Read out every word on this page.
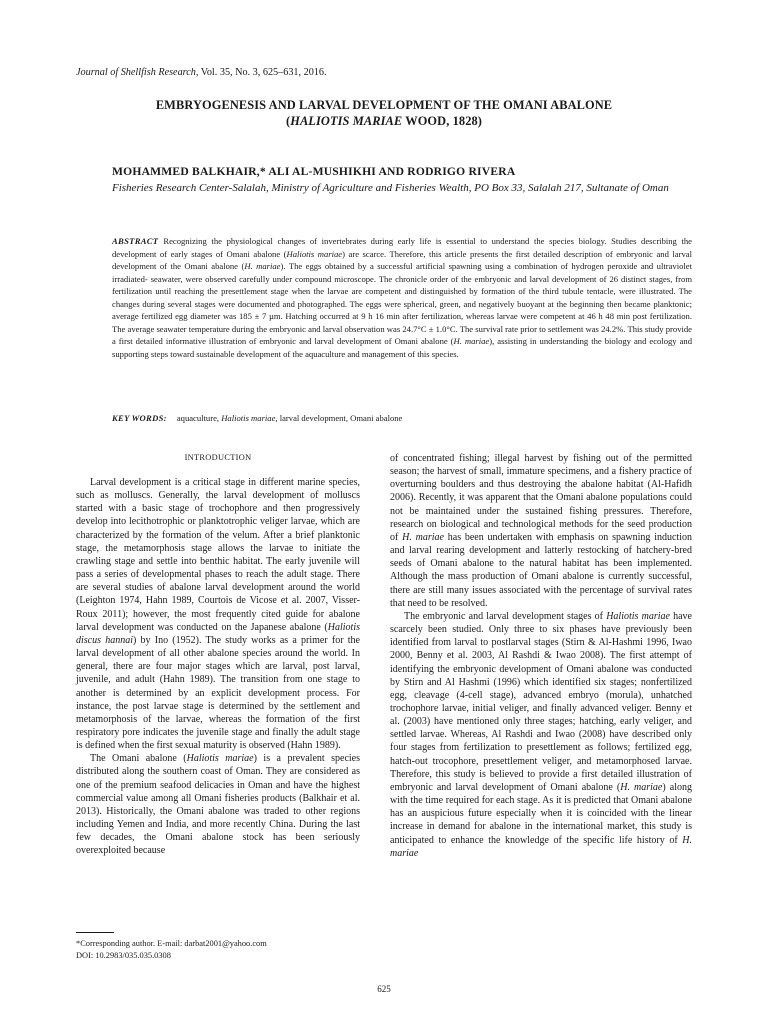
Journal of Shellfish Research, Vol. 35, No. 3, 625–631, 2016.
EMBRYOGENESIS AND LARVAL DEVELOPMENT OF THE OMANI ABALONE
(HALIOTIS MARIAE WOOD, 1828)
MOHAMMED BALKHAIR,* ALI AL-MUSHIKHI AND RODRIGO RIVERA
Fisheries Research Center-Salalah, Ministry of Agriculture and Fisheries Wealth, PO Box 33, Salalah 217, Sultanate of Oman
ABSTRACT Recognizing the physiological changes of invertebrates during early life is essential to understand the species biology. Studies describing the development of early stages of Omani abalone (Haliotis mariae) are scarce. Therefore, this article presents the first detailed description of embryonic and larval development of the Omani abalone (H. mariae). The eggs obtained by a successful artificial spawning using a combination of hydrogen peroxide and ultraviolet irradiated- seawater, were observed carefully under compound microscope. The chronicle order of the embryonic and larval development of 26 distinct stages, from fertilization until reaching the presettlement stage when the larvae are competent and distinguished by formation of the third tubule tentacle, were illustrated. The changes during several stages were documented and photographed. The eggs were spherical, green, and negatively buoyant at the beginning then became planktonic; average fertilized egg diameter was 185 ± 7 µm. Hatching occurred at 9 h 16 min after fertilization, whereas larvae were competent at 46 h 48 min post fertilization. The average seawater temperature during the embryonic and larval observation was 24.7°C ± 1.0°C. The survival rate prior to settlement was 24.2%. This study provide a first detailed informative illustration of embryonic and larval development of Omani abalone (H. mariae), assisting in understanding the biology and ecology and supporting steps toward sustainable development of the aquaculture and management of this species.
KEY WORDS: aquaculture, Haliotis mariae, larval development, Omani abalone
INTRODUCTION

Larval development is a critical stage in different marine species, such as molluscs. Generally, the larval development of molluscs started with a basic stage of trochophore and then progressively develop into lecithotrophic or planktotrophic veliger larvae, which are characterized by the formation of the velum. After a brief planktonic stage, the metamorphosis stage allows the larvae to initiate the crawling stage and settle into benthic habitat. The early juvenile will pass a series of developmental phases to reach the adult stage. There are several studies of abalone larval development around the world (Leighton 1974, Hahn 1989, Courtois de Vicose et al. 2007, Visser-Roux 2011); however, the most frequently cited guide for abalone larval development was conducted on the Japanese abalone (Haliotis discus hannai) by Ino (1952). The study works as a primer for the larval development of all other abalone species around the world. In general, there are four major stages which are larval, post larval, juvenile, and adult (Hahn 1989). The transition from one stage to another is determined by an explicit development process. For instance, the post larvae stage is determined by the settlement and metamorphosis of the larvae, whereas the formation of the first respiratory pore indicates the juvenile stage and finally the adult stage is defined when the first sexual maturity is observed (Hahn 1989).

The Omani abalone (Haliotis mariae) is a prevalent species distributed along the southern coast of Oman. They are considered as one of the premium seafood delicacies in Oman and have the highest commercial value among all Omani fisheries products (Balkhair et al. 2013). Historically, the Omani abalone was traded to other regions including Yemen and India, and more recently China. During the last few decades, the Omani abalone stock has been seriously overexploited because

of concentrated fishing; illegal harvest by fishing out of the permitted season; the harvest of small, immature specimens, and a fishery practice of overturning boulders and thus destroying the abalone habitat (Al-Hafidh 2006). Recently, it was apparent that the Omani abalone populations could not be maintained under the sustained fishing pressures. Therefore, research on biological and technological methods for the seed production of H. mariae has been undertaken with emphasis on spawning induction and larval rearing development and latterly restocking of hatchery-bred seeds of Omani abalone to the natural habitat has been implemented. Although the mass production of Omani abalone is currently successful, there are still many issues associated with the percentage of survival rates that need to be resolved.

The embryonic and larval development stages of Haliotis mariae have scarcely been studied. Only three to six phases have previously been identified from larval to postlarval stages (Stirn & Al-Hashmi 1996, Iwao 2000, Benny et al. 2003, Al Rashdi & Iwao 2008). The first attempt of identifying the embryonic development of Omani abalone was conducted by Stirn and Al Hashmi (1996) which identified six stages; nonfertilized egg, cleavage (4-cell stage), advanced embryo (morula), unhatched trochophore larvae, initial veliger, and finally advanced veliger. Benny et al. (2003) have mentioned only three stages; hatching, early veliger, and settled larvae. Whereas, Al Rashdi and Iwao (2008) have described only four stages from fertilization to presettlement as follows; fertilized egg, hatch-out trocophore, presettlement veliger, and metamorphosed larvae. Therefore, this study is believed to provide a first detailed illustration of embryonic and larval development of Omani abalone (H. mariae) along with the time required for each stage. As it is predicted that Omani abalone has an auspicious future especially when it is coincided with the linear increase in demand for abalone in the international market, this study is anticipated to enhance the knowledge of the specific life history of H. mariae

*Corresponding author. E-mail: darbat2001@yahoo.com
DOI: 10.2983/035.035.0308
625
